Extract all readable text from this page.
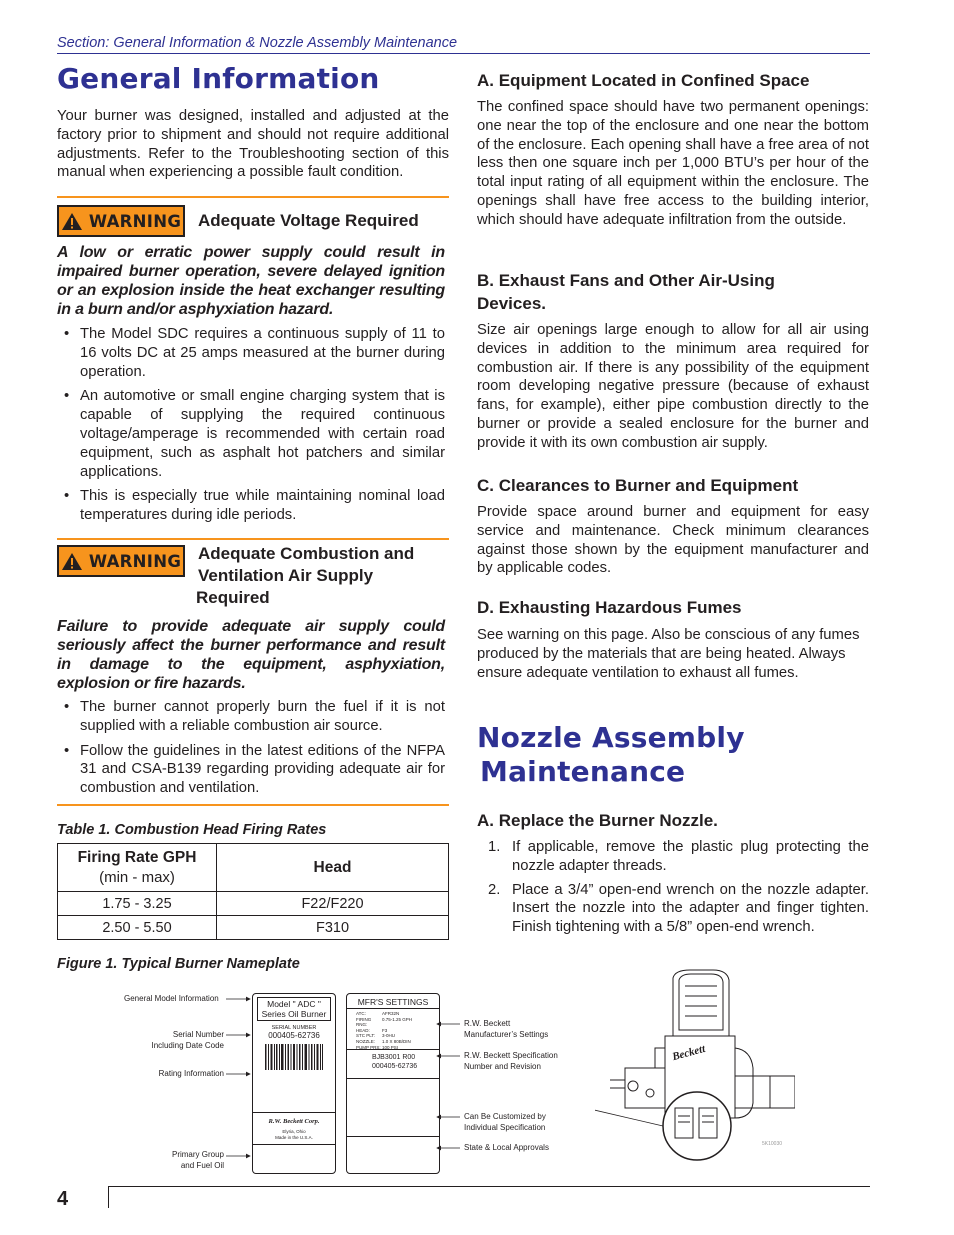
Section: General Information & Nozzle Assembly Maintenance
General Information
Your burner was designed, installed and adjusted at the factory prior to shipment and should not require additional adjustments. Refer to the Troubleshooting section of this manual when experiencing a possible fault condition.
WARNING Adequate Voltage Required
A low or erratic power supply could result in impaired burner operation, severe delayed ignition or an explosion inside the heat exchanger resulting in a burn and/or asphyxiation hazard.
• The Model SDC requires a continuous supply of 11 to 16 volts DC at 25 amps measured at the burner during operation.
• An automotive or small engine charging system that is capable of supplying the required continuous voltage/amperage is recommended with certain road equipment, such as asphalt hot patchers and similar applications.
• This is especially true while maintaining nominal load temperatures during idle periods.
WARNING Adequate Combustion and
Ventilation Air Supply
Required
Failure to provide adequate air supply could seriously affect the burner performance and result in damage to the equipment, asphyxiation, explosion or fire hazards.
• The burner cannot properly burn the fuel if it is not supplied with a reliable combustion air source.
• Follow the guidelines in the latest editions of the NFPA 31 and CSA-B139 regarding providing adequate air for combustion and ventilation.
Table 1. Combustion Head Firing Rates
Firing Rate GPH
(min - max)	Head
1.75 - 3.25	F22/F220
2.50 - 5.50	F310
A. Equipment Located in Confined Space
The confined space should have two permanent openings: one near the top of the enclosure and one near the bottom of the enclosure. Each opening shall have a free area of not less then one square inch per 1,000 BTU’s per hour of the total input rating of all equipment within the enclosure. The openings shall have free access to the building interior, which should have adequate infiltration from the outside.
B. Exhaust Fans and Other Air-Using
Devices.
Size air openings large enough to allow for all air using devices in addition to the minimum area required for combustion air. If there is any possibility of the equipment room developing negative pressure (because of exhaust fans, for example), either pipe combustion directly to the burner or provide a sealed enclosure for the burner and provide it with its own combustion air supply.
C. Clearances to Burner and Equipment
Provide space around burner and equipment for easy service and maintenance. Check minimum clearances against those shown by the equipment manufacturer and by applicable codes.
D. Exhausting Hazardous Fumes
See warning on this page. Also be conscious of any fumes produced by the materials that are being heated. Always ensure adequate ventilation to exhaust all fumes.
Nozzle Assembly
Maintenance
A. Replace the Burner Nozzle.
1. If applicable, remove the plastic plug protecting the nozzle adapter threads.
2. Place a 3/4” open-end wrench on the nozzle adapter. Insert the nozzle into the adapter and finger tighten. Finish tightening with a 5/8” open-end wrench.
Figure 1. Typical Burner Nameplate
General Model Information
Serial Number
Including Date Code
Rating Information
Primary Group
and Fuel Oil
R.W. Beckett
Manufacturer’s Settings
R.W. Beckett Specification
Number and Revision
Can Be Customized by
Individual Specification
State & Local Approvals
Model " ADC "
Series Oil Burner
SERIAL NUMBER
000405-62736
R.W. Beckett Corp.
Elyria, Ohio
Made in the U.S.A.
MFR'S SETTINGS
ATC:	AFR32N
FIRING RNG:
0.75-1.25 GPH
HEAD:	F3
STC PLT:	3-0HU
NOZZLE:	1.0 X 80B/DIN
PUMP PRS: 100 PSI
BJB3001 R00
000405-62736
Beckett
5K10030
4
